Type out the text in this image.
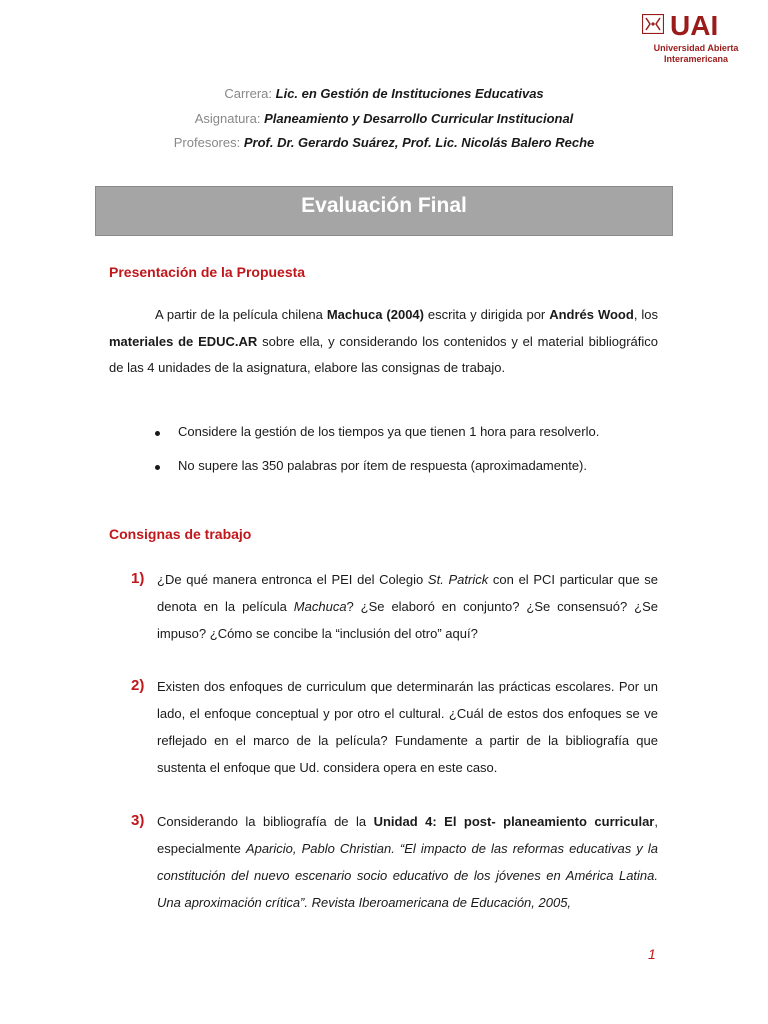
UAI
Universidad Abierta
Interamericana
Carrera: Lic. en Gestión de Instituciones Educativas
Asignatura: Planeamiento y Desarrollo Curricular Institucional
Profesores: Prof. Dr. Gerardo Suárez, Prof. Lic. Nicolás Balero Reche
Evaluación Final
Presentación de la Propuesta
A partir de la película chilena Machuca (2004) escrita y dirigida por Andrés Wood, los materiales de EDUC.AR sobre ella, y considerando los contenidos y el material bibliográfico de las 4 unidades de la asignatura, elabore las consignas de trabajo.
Considere la gestión de los tiempos ya que tienen 1 hora para resolverlo.
No supere las 350 palabras por ítem de respuesta (aproximadamente).
Consignas de trabajo
1) ¿De qué manera entronca el PEI del Colegio St. Patrick con el PCI particular que se denota en la película Machuca? ¿Se elaboró en conjunto? ¿Se consensuó? ¿Se impuso? ¿Cómo se concibe la “inclusión del otro” aquí?
2) Existen dos enfoques de curriculum que determinarán las prácticas escolares. Por un lado, el enfoque conceptual y por otro el cultural. ¿Cuál de estos dos enfoques se ve reflejado en el marco de la película? Fundamente a partir de la bibliografía que sustenta el enfoque que Ud. considera opera en este caso.
3) Considerando la bibliografía de la Unidad 4: El post- planeamiento curricular, especialmente Aparicio, Pablo Christian. “El impacto de las reformas educativas y la constitución del nuevo escenario socio educativo de los jóvenes en América Latina. Una aproximación crítica”. Revista Iberoamericana de Educación, 2005,
1
